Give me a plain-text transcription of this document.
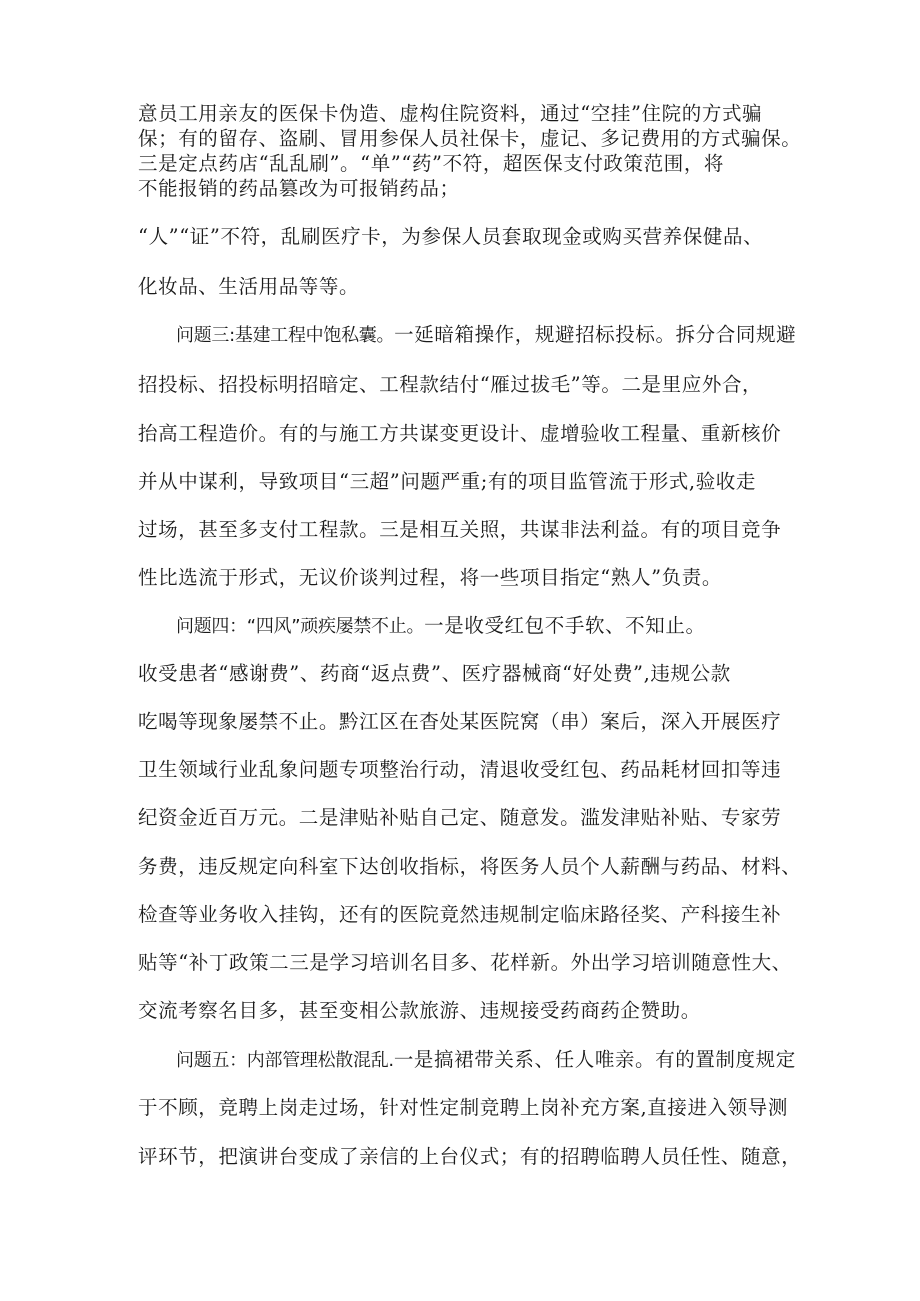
意员工用亲友的医保卡伪造、虚构住院资料，通过“空挂”住院的方式骗
保；有的留存、盗刷、冒用参保人员社保卡，虚记、多记费用的方式骗保。
三是定点药店“乱乱刷”。“单”“药”不符，超医保支付政策范围，将
不能报销的药品篡改为可报销药品；
“人”“证”不符，乱刷医疗卡，为参保人员套取现金或购买营养保健品、
化妆品、生活用品等等。
问题三:基建工程中饱私囊。一延暗箱操作，规避招标投标。拆分合同规避
招投标、招投标明招暗定、工程款结付“雁过拔毛”等。二是里应外合，
抬高工程造价。有的与施工方共谋变更设计、虚增验收工程量、重新核价
并从中谋利，导致项目“三超”问题严重;有的项目监管流于形式,验收走
过场，甚至多支付工程款。三是相互关照，共谋非法利益。有的项目竞争
性比选流于形式，无议价谈判过程，将一些项目指定“熟人”负责。
问题四：“四风”顽疾屡禁不止。一是收受红包不手软、不知止。
收受患者“感谢费”、药商“返点费”、医疗器械商“好处费”,违规公款
吃喝等现象屡禁不止。黔江区在杳处某医院窝（串）案后，深入开展医疗
卫生领域行业乱象问题专项整治行动，清退收受红包、药品耗材回扣等违
纪资金近百万元。二是津贴补贴自己定、随意发。滥发津贴补贴、专家劳
务费，违反规定向科室下达创收指标，将医务人员个人薪酬与药品、材料、
检查等业务收入挂钩，还有的医院竟然违规制定临床路径奖、产科接生补
贴等“补丁政策二三是学习培训名目多、花样新。外出学习培训随意性大、
交流考察名目多，甚至变相公款旅游、违规接受药商药企赞助。
问题五：内部管理松散混乱.一是搞裙带关系、任人唯亲。有的置制度规定
于不顾，竞聘上岗走过场，针对性定制竞聘上岗补充方案,直接进入领导测
评环节，把演讲台变成了亲信的上台仪式；有的招聘临聘人员任性、随意，
